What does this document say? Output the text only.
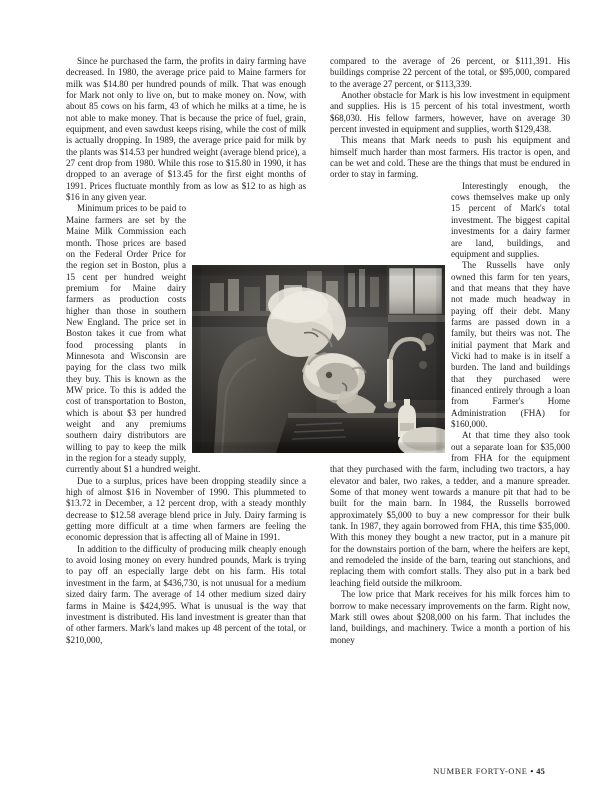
Since he purchased the farm, the profits in dairy farming have decreased. In 1980, the average price paid to Maine farmers for milk was $14.80 per hundred pounds of milk. That was enough for Mark not only to live on, but to make money on. Now, with about 85 cows on his farm, 43 of which he milks at a time, he is not able to make money. That is because the price of fuel, grain, equipment, and even sawdust keeps rising, while the cost of milk is actually dropping. In 1989, the average price paid for milk by the plants was $14.53 per hundred weight (average blend price), a 27 cent drop from 1980. While this rose to $15.80 in 1990, it has dropped to an average of $13.45 for the first eight months of 1991. Prices fluctuate monthly from as low as $12 to as high as $16 in any given year.

Minimum prices to be paid to Maine farmers are set by the Maine Milk Commission each month. Those prices are based on the Federal Order Price for the region set in Boston, plus a 15 cent per hundred weight premium for Maine dairy farmers as production costs higher than those in southern New England. The price set in Boston takes it cue from what food processing plants in Minnesota and Wisconsin are paying for the class two milk they buy. This is known as the MW price. To this is added the cost of transportation to Boston, which is about $3 per hundred weight and any premiums southern dairy distributors are willing to pay to keep the milk in the region for a steady supply, currently about $1 a hundred weight.

Due to a surplus, prices have been dropping steadily since a high of almost $16 in November of 1990. This plummeted to $13.72 in December, a 12 percent drop, with a steady monthly decrease to $12.58 average blend price in July. Dairy farming is getting more difficult at a time when farmers are feeling the economic depression that is affecting all of Maine in 1991.

In addition to the difficulty of producing milk cheaply enough to avoid losing money on every hundred pounds, Mark is trying to pay off an especially large debt on his farm. His total investment in the farm, at $436,730, is not unusual for a medium sized dairy farm. The average of 14 other medium sized dairy farms in Maine is $424,995. What is unusual is the way that investment is distributed. His land investment is greater than that of other farmers. Mark's land makes up 48 percent of the total, or $210,000,

compared to the average of 26 percent, or $111,391. His buildings comprise 22 percent of the total, or $95,000, compared to the average 27 percent, or $113,339.

Another obstacle for Mark is his low investment in equipment and supplies. His is 15 percent of his total investment, worth $68,030. His fellow farmers, however, have on average 30 percent invested in equipment and supplies, worth $129,438.

This means that Mark needs to push his equipment and himself much harder than most farmers. His tractor is open, and can be wet and cold. These are the things that must be endured in order to stay in farming.

Interestingly enough, the cows themselves make up only 15 percent of Mark's total investment. The biggest capital investments for a dairy farmer are land, buildings, and equipment and supplies.

The Russells have only owned this farm for ten years, and that means that they have not made much headway in paying off their debt. Many farms are passed down in a family, but theirs was not. The initial payment that Mark and Vicki had to make is in itself a burden. The land and buildings that they purchased were financed entirely through a loan from Farmer's Home Administration (FHA) for $160,000.

At that time they also took out a separate loan for $35,000 from FHA for the equipment that they purchased with the farm, including two tractors, a hay elevator and baler, two rakes, a tedder, and a manure spreader. Some of that money went towards a manure pit that had to be built for the main barn. In 1984, the Russells borrowed approximately $5,000 to buy a new compressor for their bulk tank. In 1987, they again borrowed from FHA, this time $35,000. With this money they bought a new tractor, put in a manure pit for the downstairs portion of the barn, where the heifers are kept, and remodeled the inside of the barn, tearing out stanchions, and replacing them with comfort stalls. They also put in a bark bed leaching field outside the milkroom.

The low price that Mark receives for his milk forces him to borrow to make necessary improvements on the farm. Right now, Mark still owes about $208,000 on his farm. That includes the land, buildings, and machinery. Twice a month a portion of his money

NUMBER FORTY-ONE • 45
